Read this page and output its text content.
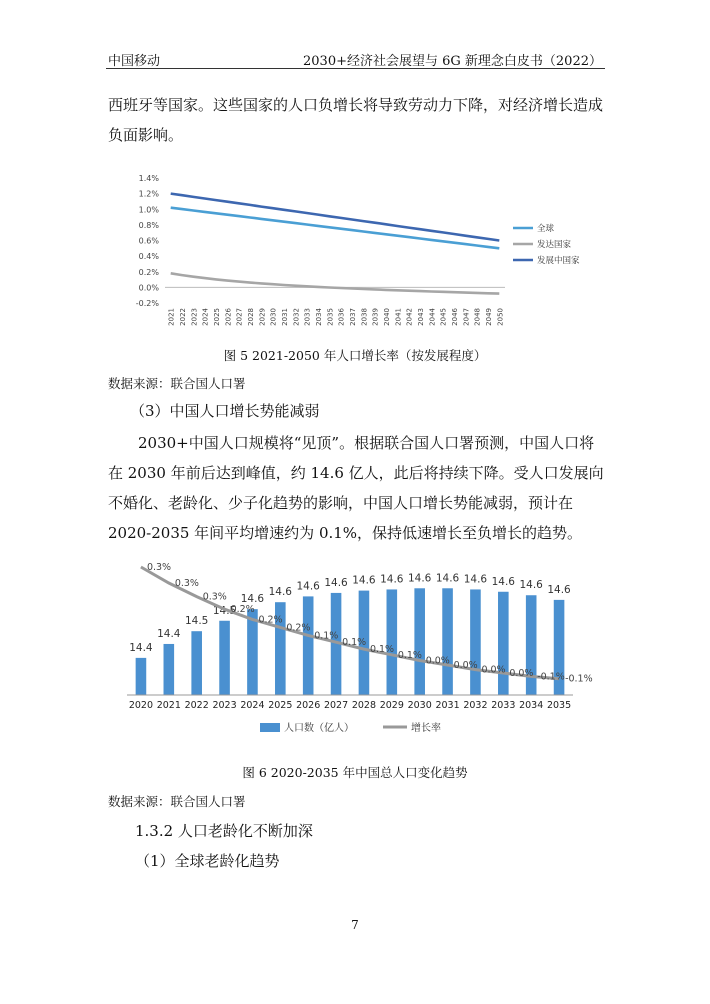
中国移动	2030+经济社会展望与 6G 新理念白皮书（2022）
西班牙等国家。这些国家的人口负增长将导致劳动力下降，对经济增长造成负面影响。
1.4%
1.2%
1.0%
0.8%
0.6%
0.4%
0.2%
0.0%
-0.2%
全球
发达国家
发展中国家
2021 2022 2023 2024 2025 2026 2027 2028 2029 2030 2031 2032 2033 2034 2035 2036 2037 2038 2039 2040 2041 2042 2043 2044 2045 2046 2047 2048 2049 2050
图 5 2021-2050 年人口增长率（按发展程度）
数据来源：联合国人口署
（3）中国人口增长势能减弱
2030+中国人口规模将“见顶”。根据联合国人口署预测，中国人口将在 2030 年前后达到峰值，约 14.6 亿人，此后将持续下降。受人口发展向不婚化、老龄化、少子化趋势的影响，中国人口增长势能减弱，预计在 2020-2035 年间平均增速约为 0.1%，保持低速增长至负增长的趋势。
14.4
14.4
14.5
14.5
14.6
14.6 14.6 14.6 14.6 14.6 14.6 14.6 14.6 14.6 14.6 14.6
0.3%
0.3%
0.3%
0.2%
0.2%
0.2%
0.1%
0.1%
0.1%
0.1%
0.0% 0.0% 0.0% 0.0% -0.1% -0.1%
2020 2021 2022 2023 2024 2025 2026 2027 2028 2029 2030 2031 2032 2033 2034 2035
人口数（亿人）	增长率
图 6 2020-2035 年中国总人口变化趋势
数据来源：联合国人口署
1.3.2 人口老龄化不断加深
（1）全球老龄化趋势
7
